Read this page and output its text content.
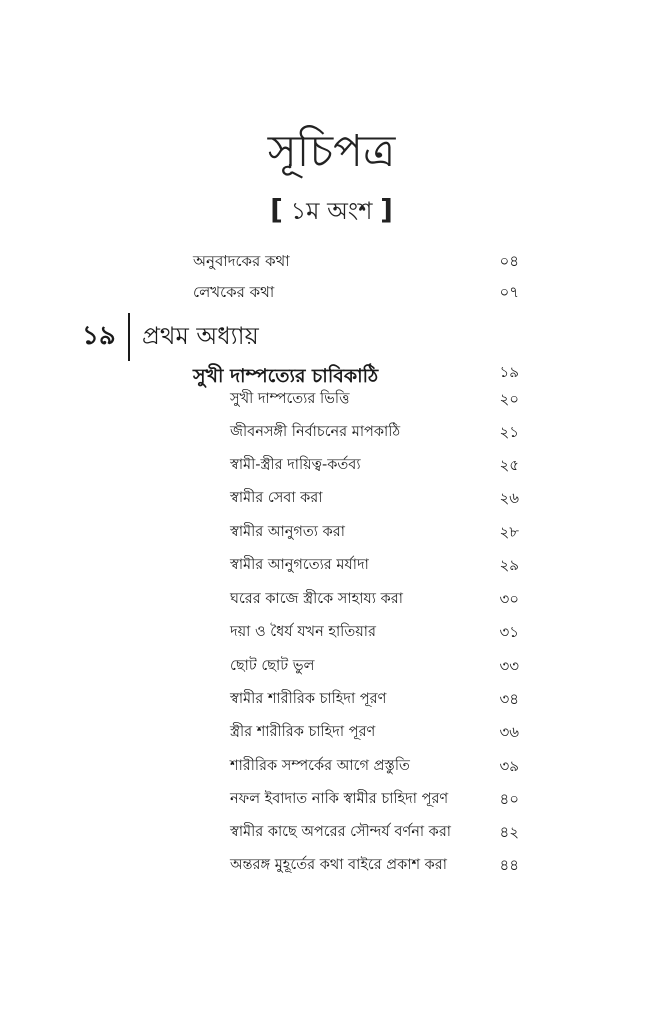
সূচিপত্র
[ ১ম অংশ ]
অনুবাদকের কথা	০৪
লেখকের কথা	০৭
১৯ প্রথম অধ্যায়
সুখী দাম্পত্যের চাবিকাঠি	১৯
সুখী দাম্পত্যের ভিত্তি	২০
জীবনসঙ্গী নির্বাচনের মাপকাঠি	২১
স্বামী-স্ত্রীর দায়িত্ব-কর্তব্য	২৫
স্বামীর সেবা করা	২৬
স্বামীর আনুগত্য করা	২৮
স্বামীর আনুগত্যের মর্যাদা	২৯
ঘরের কাজে স্ত্রীকে সাহায্য করা	৩০
দয়া ও ধৈর্য যখন হাতিয়ার	৩১
ছোট ছোট ভুল	৩৩
স্বামীর শারীরিক চাহিদা পূরণ	৩৪
স্ত্রীর শারীরিক চাহিদা পূরণ	৩৬
শারীরিক সম্পর্কের আগে প্রস্তুতি	৩৯
নফল ইবাদাত নাকি স্বামীর চাহিদা পূরণ	৪০
স্বামীর কাছে অপরের সৌন্দর্য বর্ণনা করা	৪২
অন্তরঙ্গ মুহূর্তের কথা বাইরে প্রকাশ করা	৪৪
